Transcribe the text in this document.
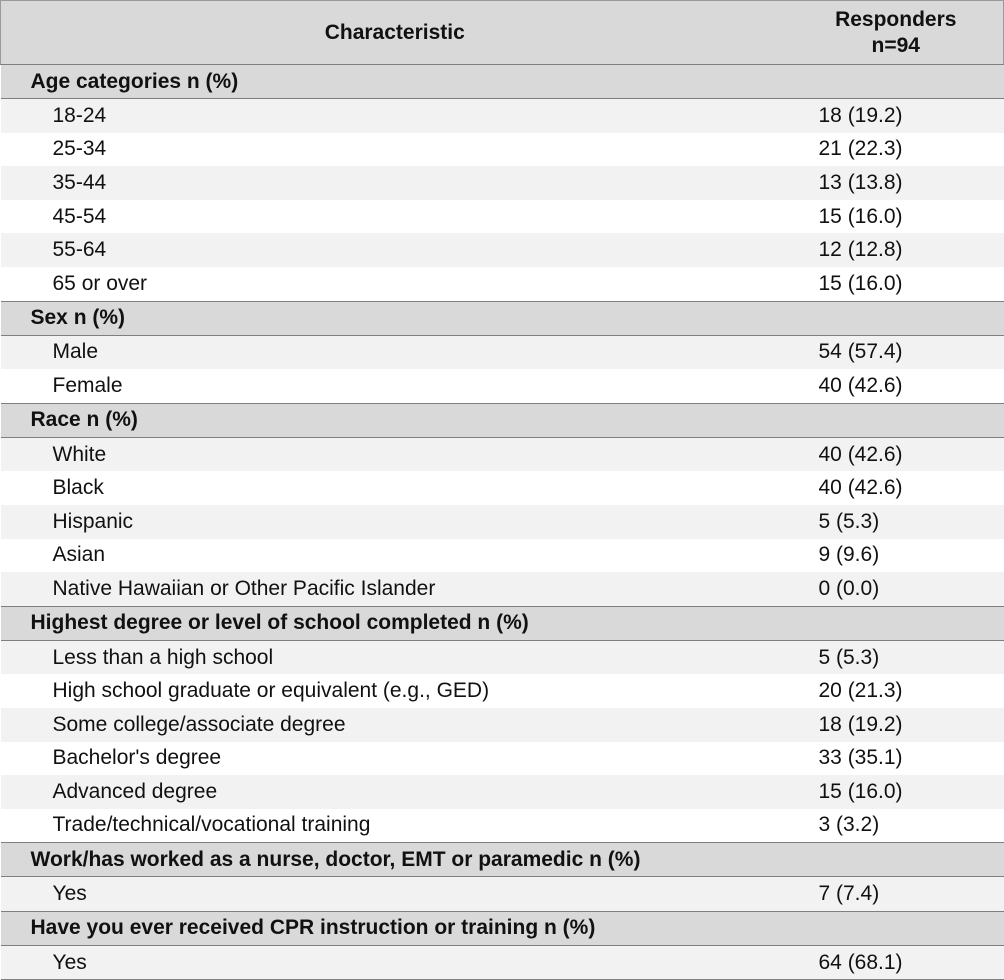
Characteristic	Responders
n=94

Age categories n (%)	
18-24	18 (19.2)
25-34	21 (22.3)
35-44	13 (13.8)
45-54	15 (16.0)
55-64	12 (12.8)
65 or over	15 (16.0)
Sex n (%)	
Male	54 (57.4)
Female	40 (42.6)
Race n (%)	
White	40 (42.6)
Black	40 (42.6)
Hispanic	5 (5.3)
Asian	9 (9.6)
Native Hawaiian or Other Pacific Islander	0 (0.0)
Highest degree or level of school completed n (%)	
Less than a high school	5 (5.3)
High school graduate or equivalent (e.g., GED)	20 (21.3)
Some college/associate degree	18 (19.2)
Bachelor's degree	33 (35.1)
Advanced degree	15 (16.0)
Trade/technical/vocational training	3 (3.2)
Work/has worked as a nurse, doctor, EMT or paramedic n (%)	
Yes	7 (7.4)
Have you ever received CPR instruction or training n (%)	
Yes	64 (68.1)
